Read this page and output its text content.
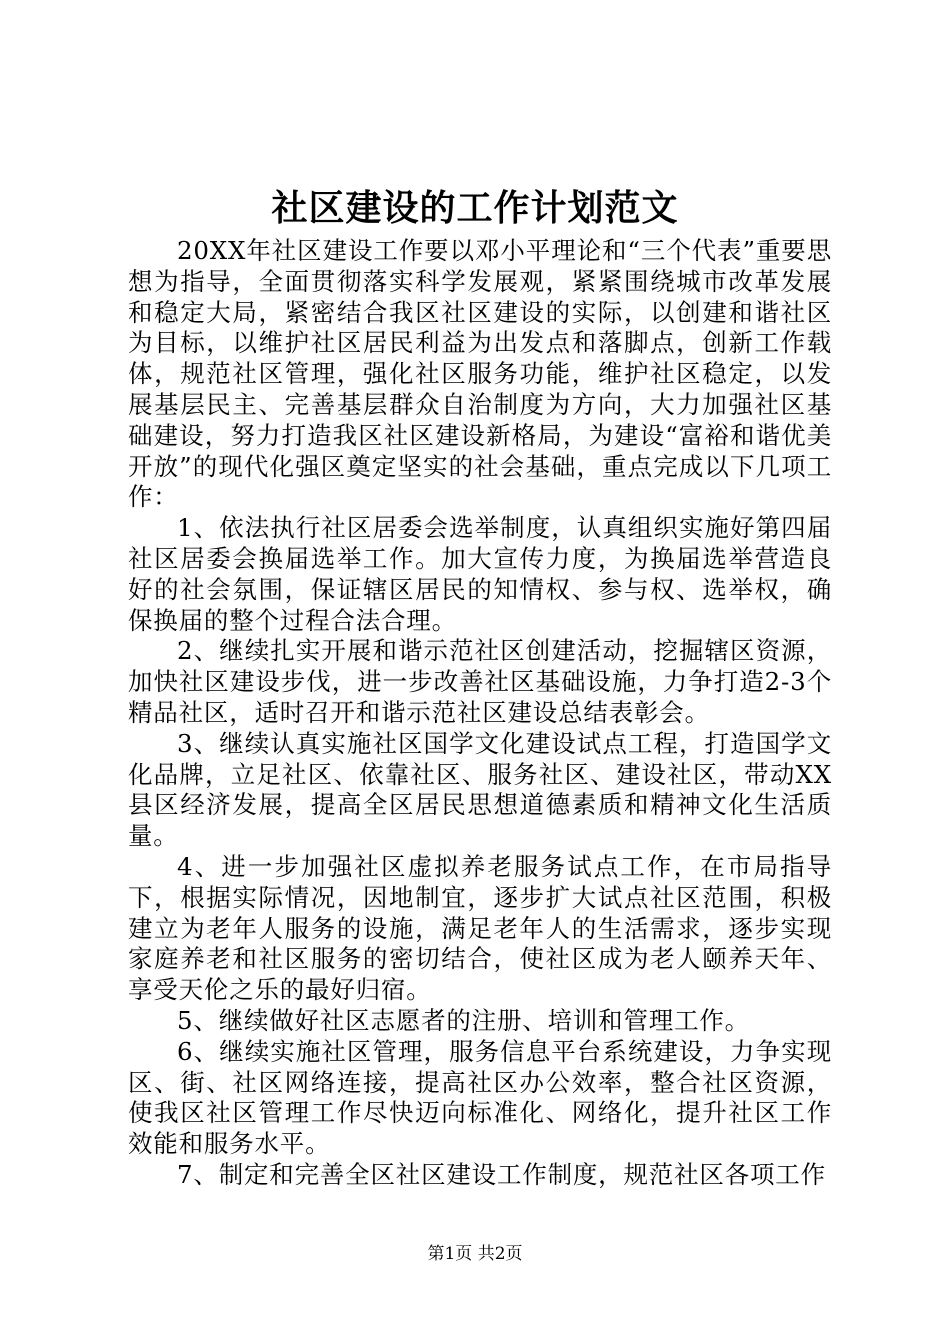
社区建设的工作计划范文

20XX年社区建设工作要以邓小平理论和“三个代表”重要思想为指导，全面贯彻落实科学发展观，紧紧围绕城市改革发展和稳定大局，紧密结合我区社区建设的实际，以创建和谐社区为目标，以维护社区居民利益为出发点和落脚点，创新工作载体，规范社区管理，强化社区服务功能，维护社区稳定，以发展基层民主、完善基层群众自治制度为方向，大力加强社区基础建设，努力打造我区社区建设新格局，为建设“富裕和谐优美开放”的现代化强区奠定坚实的社会基础，重点完成以下几项工作：

1、依法执行社区居委会选举制度，认真组织实施好第四届社区居委会换届选举工作。加大宣传力度，为换届选举营造良好的社会氛围，保证辖区居民的知情权、参与权、选举权，确保换届的整个过程合法合理。

2、继续扎实开展和谐示范社区创建活动，挖掘辖区资源，加快社区建设步伐，进一步改善社区基础设施，力争打造2-3个精品社区，适时召开和谐示范社区建设总结表彰会。

3、继续认真实施社区国学文化建设试点工程，打造国学文化品牌，立足社区、依靠社区、服务社区、建设社区，带动XX县区经济发展，提高全区居民思想道德素质和精神文化生活质量。

4、进一步加强社区虚拟养老服务试点工作，在市局指导下，根据实际情况，因地制宜，逐步扩大试点社区范围，积极建立为老年人服务的设施，满足老年人的生活需求，逐步实现家庭养老和社区服务的密切结合，使社区成为老人颐养天年、享受天伦之乐的最好归宿。

5、继续做好社区志愿者的注册、培训和管理工作。

6、继续实施社区管理，服务信息平台系统建设，力争实现区、街、社区网络连接，提高社区办公效率，整合社区资源，使我区社区管理工作尽快迈向标准化、网络化，提升社区工作效能和服务水平。

7、制定和完善全区社区建设工作制度，规范社区各项工作

第1页 共2页
